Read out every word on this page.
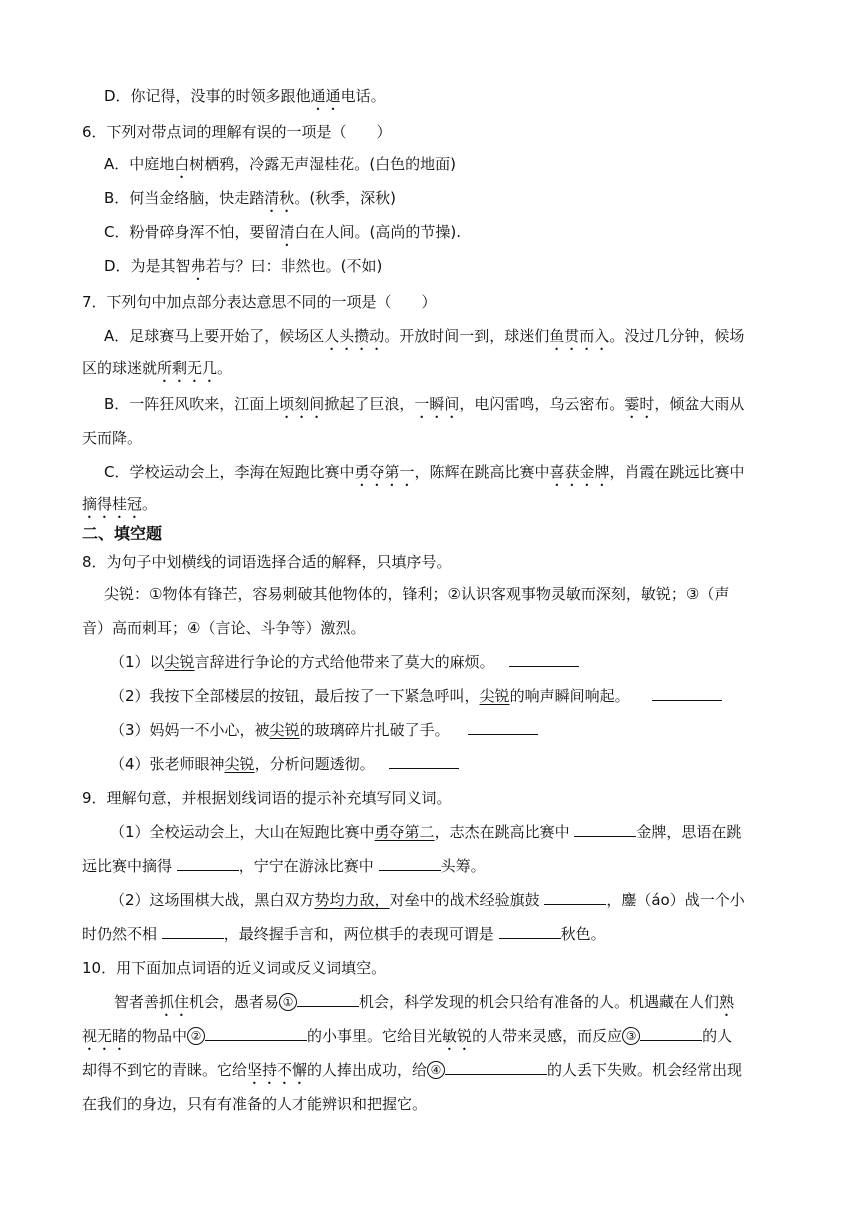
D．你记得，没事的时领多跟他通通电话。
6．下列对带点词的理解有误的一项是（　　）
A．中庭地白树栖鸦，冷露无声湿桂花。(白色的地面)
B．何当金络脑，快走踏清秋。(秋季，深秋)
C．粉骨碎身浑不怕，要留清白在人间。(高尚的节操).
D．为是其智弗若与？曰：非然也。(不如)
7．下列句中加点部分表达意思不同的一项是（　　）
A．足球赛马上要开始了，候场区人头攒动。开放时间一到，球迷们鱼贯而入。没过几分钟，候场
区的球迷就所剩无几。
B．一阵狂风吹来，江面上顷刻间掀起了巨浪，一瞬间，电闪雷鸣，乌云密布。霎时，倾盆大雨从
天而降。
C．学校运动会上，李海在短跑比赛中勇夺第一，陈辉在跳高比赛中喜获金牌，肖霞在跳远比赛中
摘得桂冠。
二、填空题
8．为句子中划横线的词语选择合适的解释，只填序号。
尖锐：①物体有锋芒，容易刺破其他物体的，锋利；②认识客观事物灵敏而深刻，敏锐；③（声
音）高而刺耳；④（言论、斗争等）激烈。
（1）以尖锐言辞进行争论的方式给他带来了莫大的麻烦。
（2）我按下全部楼层的按钮，最后按了一下紧急呼叫，尖锐的响声瞬间响起。
（3）妈妈一不小心，被尖锐的玻璃碎片扎破了手。
（4）张老师眼神尖锐，分析问题透彻。
9．理解句意，并根据划线词语的提示补充填写同义词。
（1）全校运动会上，大山在短跑比赛中勇夺第二，志杰在跳高比赛中	金牌，思语在跳
远比赛中摘得	，宁宁在游泳比赛中	头筹。
（2）这场围棋大战，黑白双方势均力敌，对垒中的战术经验旗鼓	，鏖（áo）战一个小
时仍然不相	，最终握手言和，两位棋手的表现可谓是	秋色。
10．用下面加点词语的近义词或反义词填空。
智者善抓住机会，愚者易 ①	机会，科学发现的机会只给有准备的人。机遇藏在人们熟
视无睹的物品中 ②	的小事里。它给目光敏锐的人带来灵感，而反应 ③	的人
却得不到它的青睐。它给坚持不懈的人捧出成功，给 ④	的人丢下失败。机会经常出现
在我们的身边，只有有准备的人才能辨识和把握它。
